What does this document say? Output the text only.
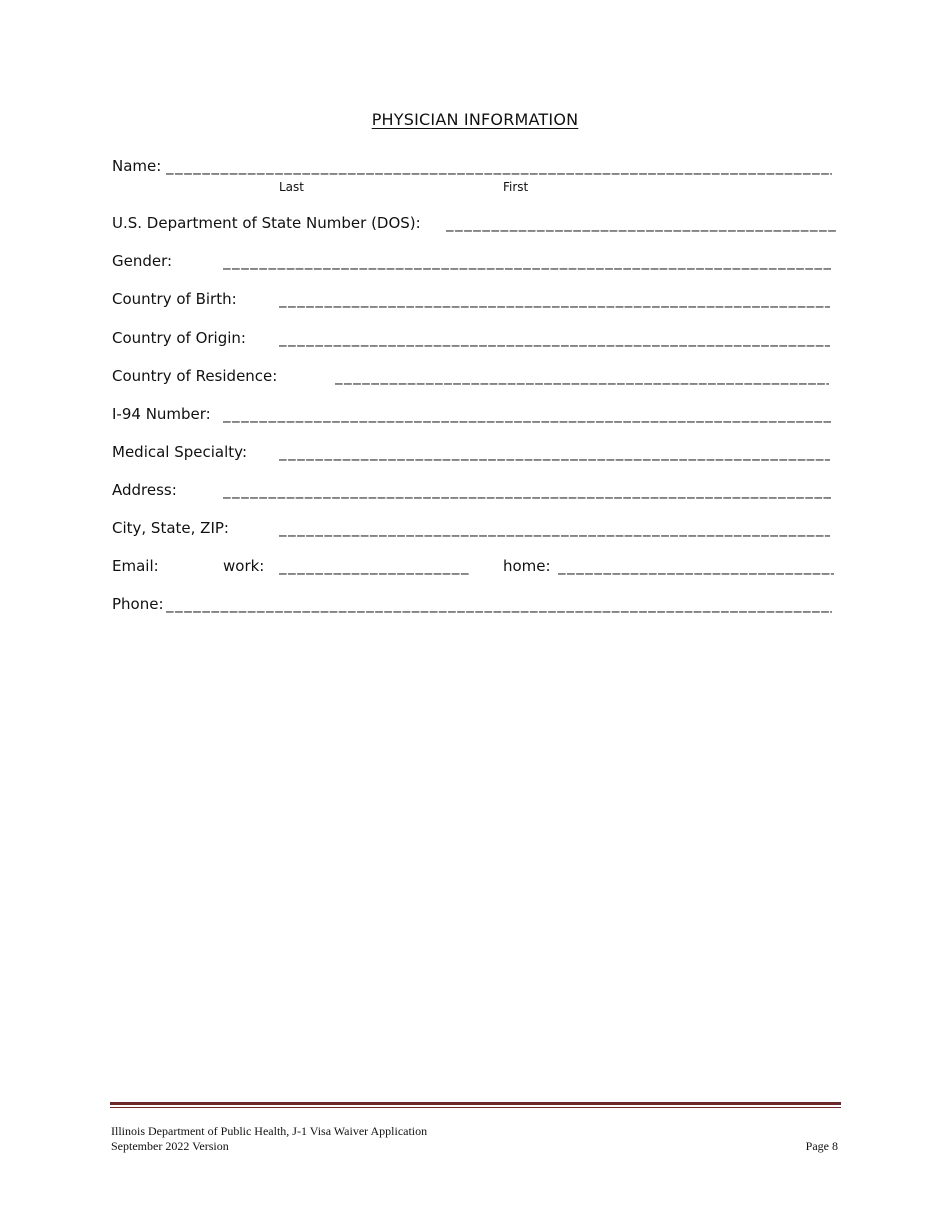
PHYSICIAN INFORMATION
Name:
_____
Last	First
U.S. Department of State Number (DOS):
_____
Gender:
_____
Country of Birth:
_____
Country of Origin:
_____
Country of Residence:
_____
I-94 Number:
_____
Medical Specialty:
_____
Address:
_____
City, State, ZIP:
_____
Email:	work:
_____	home:
_____
Phone:
_____
Illinois Department of Public Health, J-1 Visa Waiver Application
September 2022 Version	Page 8
